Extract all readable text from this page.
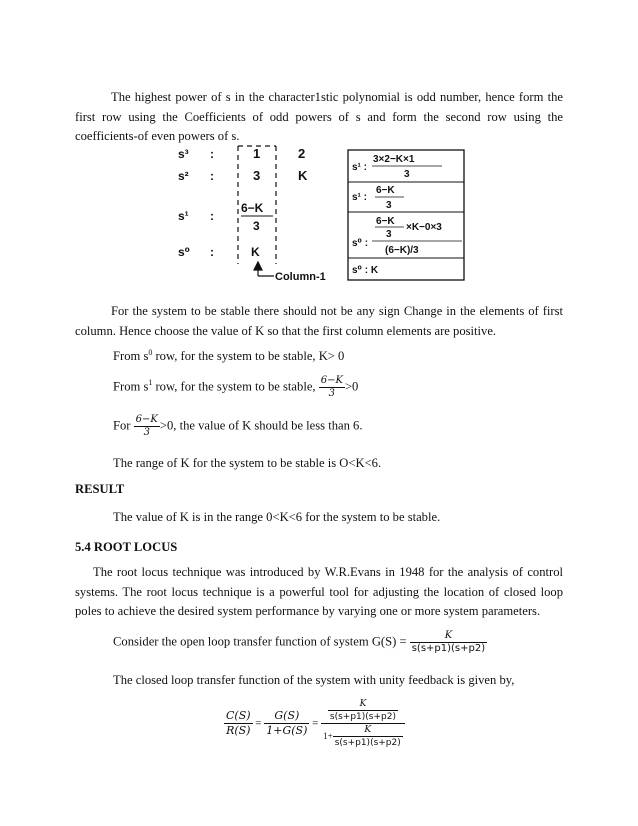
The highest power of s in the character1stic polynomial is odd number, hence form the first row using the Coefficients of odd powers of s and form the second row using the coefficients-of even powers of s.
s³
s²
s¹
s⁰
:
:
:
:
1
3
6−K
3
K
2
K
Column-1
s¹ :
3×2−K×1
3
s¹ :
6−K
3
6−K
×K−0×3
3
s⁰ :
(6−K)/3
s⁰ : K
For the system to be stable there should not be any sign Change in the elements of first column. Hence choose the value of K so that the first column elements are positive.
From $s^0$ row, for the system to be stable, K> 0
From $s^1$ row, for the system to be stable, $\frac{6-K}{3} >0$
For $\frac{6-K}{3} >0$, the value of K should be less than 6.
The range of K for the system to be stable is O<K<6.
RESULT
The value of K is in the range 0<K<6 for the system to be stable.
5.4 ROOT LOCUS
The root locus technique was introduced by W.R.Evans in 1948 for the analysis of control systems. The root locus technique is a powerful tool for adjusting the location of closed loop poles to achieve the desired system performance by varying one or more system parameters.
Consider the open loop transfer function of system $G(S) = \frac{K}{s(s+p1)(s+p2)}$
The closed loop transfer function of the system with unity feedback is given by,
$\frac{C(S)}{R(S)} = \frac{G(S)}{1+G(S)} = \frac{\frac{K}{s(s+p1)(s+p2)}}{1+ \frac{K}{s(s+p1)(s+p2)}}$
